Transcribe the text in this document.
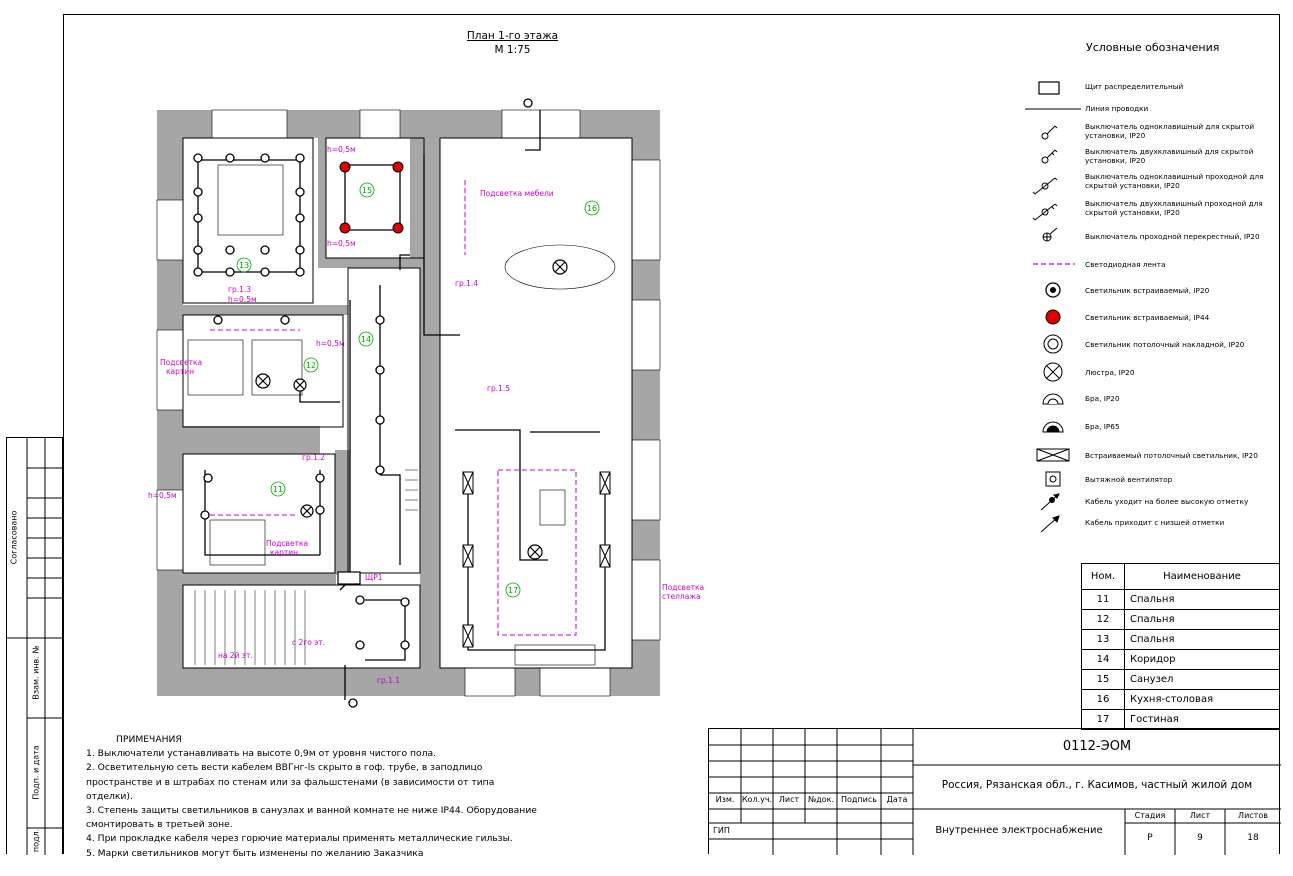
План 1-го этажа
М 1:75
11
12
13
14
15
16
17
Подсветка мебели
Подсветка
картин
Подсветка
картин
Подсветка
стеллажа
ЩР1
h=0,5м
h=0,5м
h=0,5м
h=0,5м
h=0,5м
гр.1.1
гр.1.2
гр.1.3
гр.1.4
гр.1.5
на 2й эт.
с 2го эт.
Условные обозначения
Щит распределительный
Линия проводки
Выключатель одноклавишный для скрытой установки, IP20
Выключатель двухклавишный для скрытой установки, IP20
Выключатель одноклавишный проходной для скрытой установки, IP20
Выключатель двухклавишный проходной для скрытой установки, IP20
Выключатель проходной перекрестный, IP20
Светодиодная лента
Светильник встраиваемый, IP20
Светильник встраиваемый, IP44
Светильник потолочный накладной, IP20
Люстра, IP20
Бра, IP20
Бра, IP65
Встраиваемый потолочный светильник, IP20
Вытяжной вентилятор
Кабель уходит на более высокую отметку
Кабель приходит с низшей отметки
Ном.	Наименование
11	Спальня
12	Спальня
13	Спальня
14	Коридор
15	Санузел
16	Кухня-столовая
17	Гостиная
ПРИМЕЧАНИЯ
1. Выключатели устанавливать на высоте 0,9м от уровня чистого пола.
2. Осветительную сеть вести кабелем ВВГнг-ls скрыто в гоф. трубе, в заподлицо
пространстве и в штрабах по стенам или за фальшстенами (в зависимости от типа
отделки).
3. Степень защиты светильников в санузлах и ванной комнате не ниже IP44. Оборудование
смонтировать в третьей зоне.
4. При прокладке кабеля через горючие материалы применять металлические гильзы.
5. Марки светильников могут быть изменены по желанию Заказчика
Изм. Кол.уч. Лист	№док. Подпись	Дата
ГИП
0112-ЭОМ
Россия, Рязанская обл., г. Касимов, частный жилой дом
Внутреннее электроснабжение
Стадия	Лист	Листов
Р	9	18
Согласовано
Взам. инв. №
Подп. и дата
подл.
